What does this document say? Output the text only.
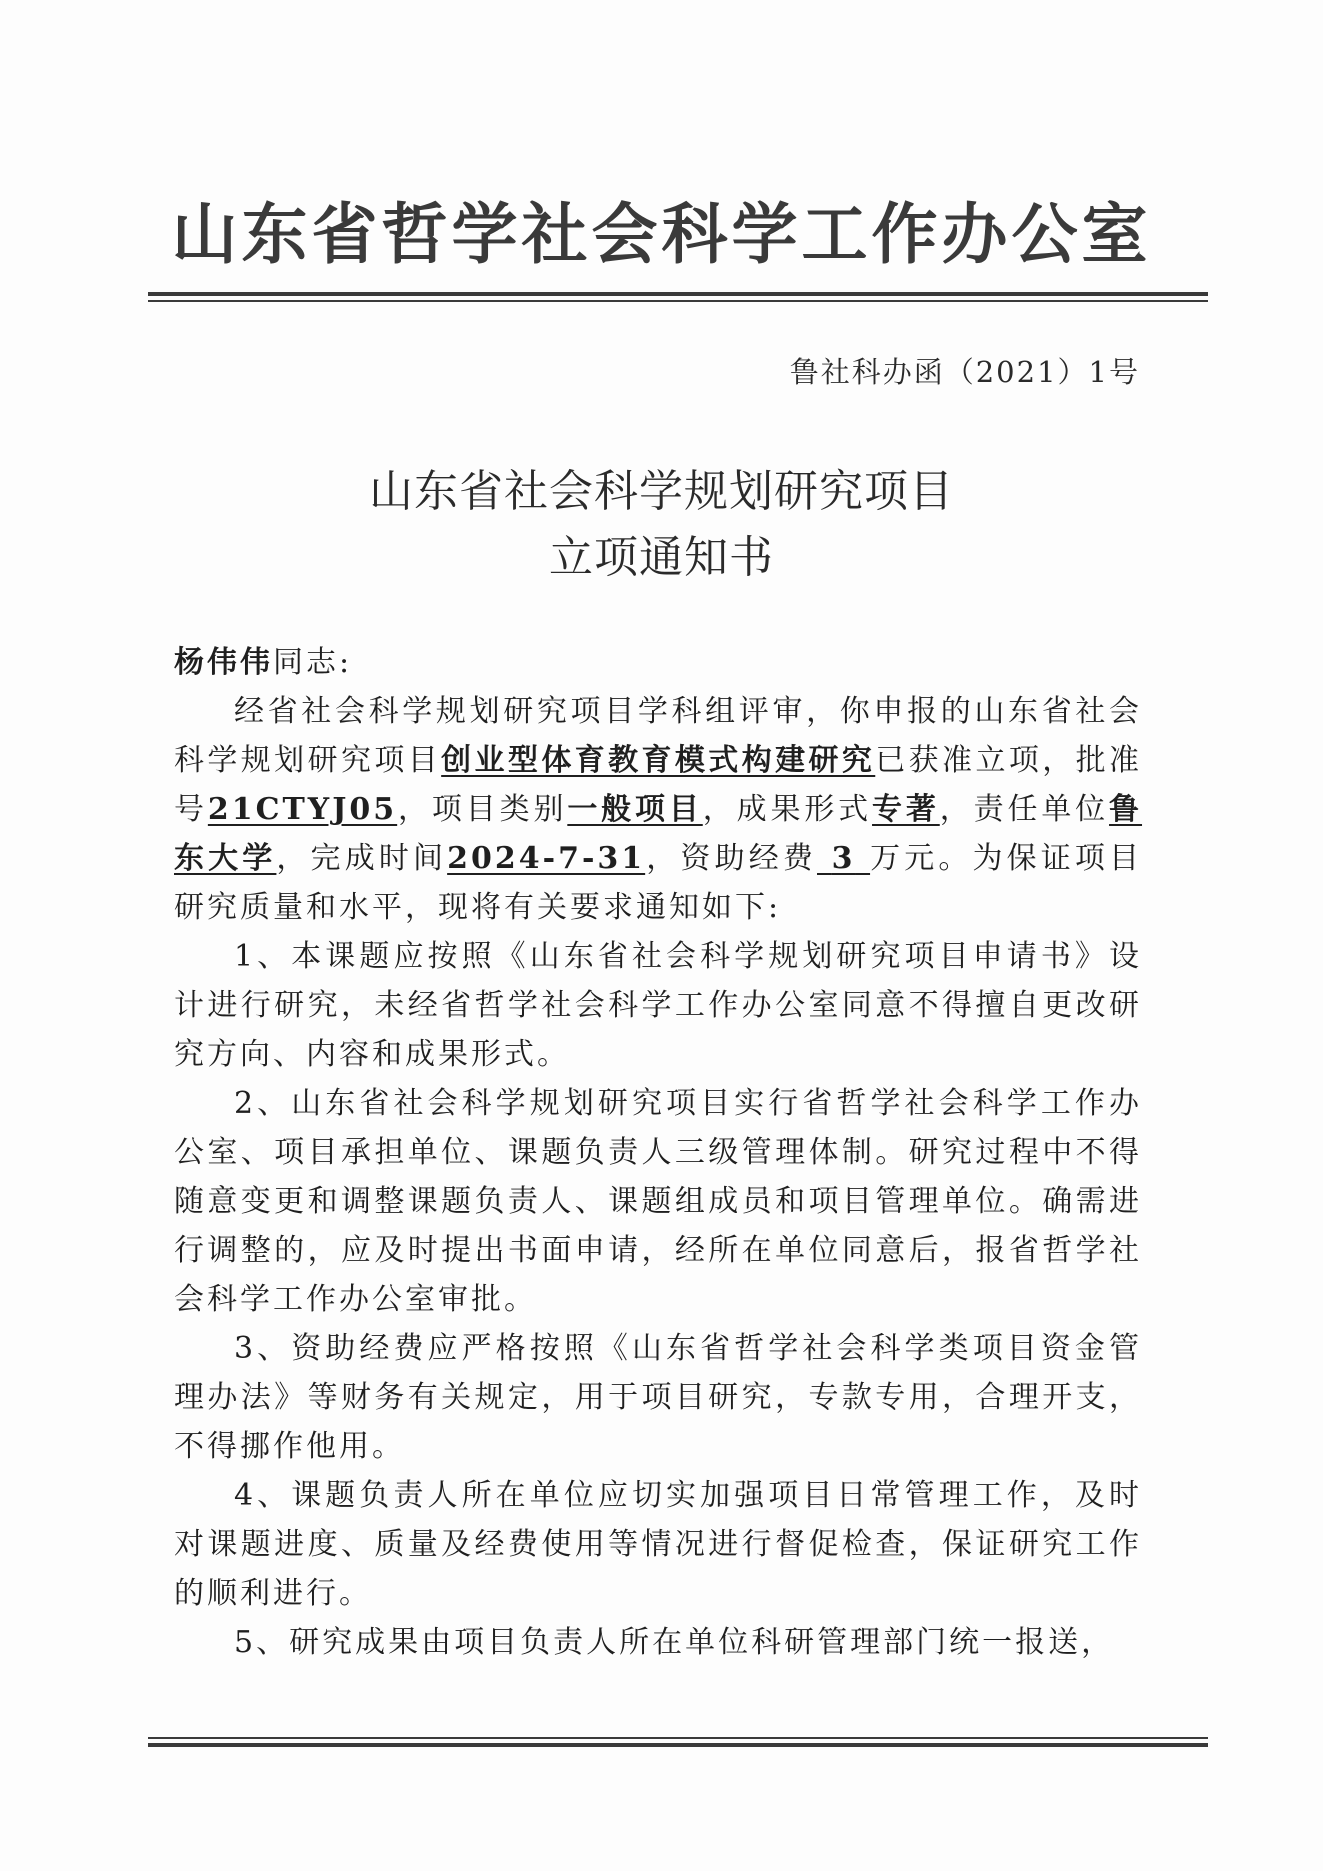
山东省哲学社会科学工作办公室
鲁社科办函（2021）1号
山东省社会科学规划研究项目
立项通知书

杨伟伟同志:

经省社会科学规划研究项目学科组评审，你申报的山东省社会科学规划研究项目创业型体育教育模式构建研究已获准立项，批准号21CTYJ05，项目类别一般项目，成果形式专著，责任单位鲁东大学，完成时间2024-7-31，资助经费 3 万元。为保证项目研究质量和水平，现将有关要求通知如下:

1、本课题应按照《山东省社会科学规划研究项目申请书》设计进行研究，未经省哲学社会科学工作办公室同意不得擅自更改研究方向、内容和成果形式。

2、山东省社会科学规划研究项目实行省哲学社会科学工作办公室、项目承担单位、课题负责人三级管理体制。研究过程中不得随意变更和调整课题负责人、课题组成员和项目管理单位。确需进行调整的，应及时提出书面申请，经所在单位同意后，报省哲学社会科学工作办公室审批。

3、资助经费应严格按照《山东省哲学社会科学类项目资金管理办法》等财务有关规定，用于项目研究，专款专用，合理开支，不得挪作他用。

4、课题负责人所在单位应切实加强项目日常管理工作，及时对课题进度、质量及经费使用等情况进行督促检查，保证研究工作的顺利进行。

5、研究成果由项目负责人所在单位科研管理部门统一报送，
